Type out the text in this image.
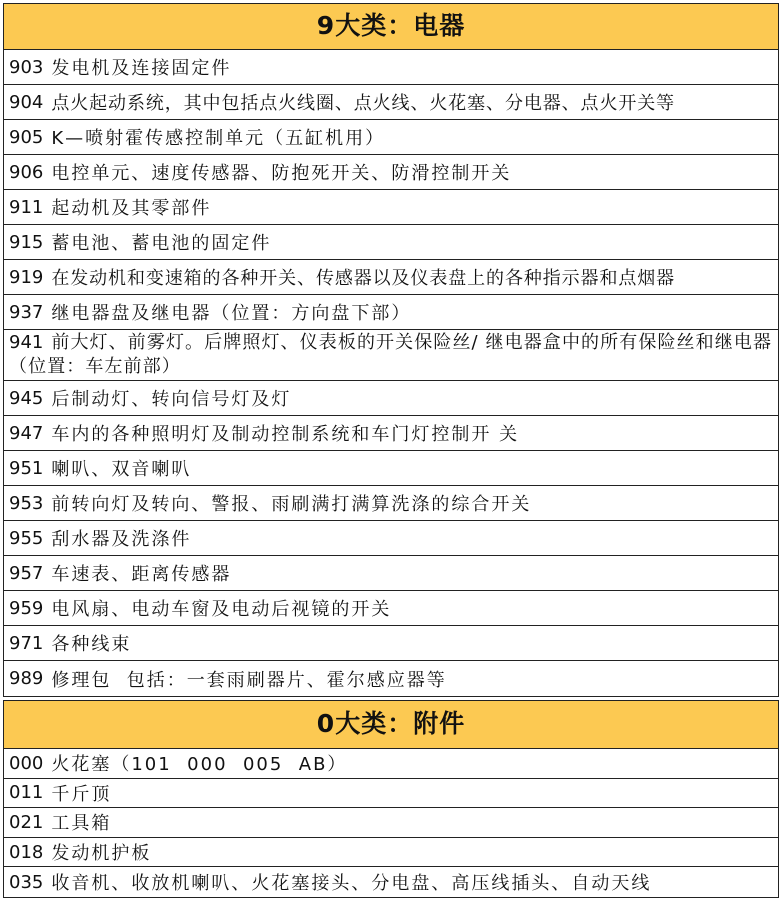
9大类：电器
903 发电机及连接固定件
904 点火起动系统，其中包括点火线圈、点火线、火花塞、分电器、点火开关等
905 K—喷射霍传感控制单元（五缸机用）
906 电控单元、速度传感器、防抱死开关、防滑控制开关
911 起动机及其零部件
915 蓄电池、蓄电池的固定件
919 在发动机和变速箱的各种开关、传感器以及仪表盘上的各种指示器和点烟器
937 继电器盘及继电器（位置：方向盘下部）
941 前大灯、前雾灯。后牌照灯、仪表板的开关保险丝/ 继电器盒中的所有保险丝和继电器（位置：车左前部）
945 后制动灯、转向信号灯及灯
947 车内的各种照明灯及制动控制系统和车门灯控制开 关
951 喇叭、双音喇叭
953 前转向灯及转向、警报、雨刷满打满算洗涤的综合开关
955 刮水器及洗涤件
957 车速表、距离传感器
959 电风扇、电动车窗及电动后视镜的开关
971 各种线束
989 修理包  包括：一套雨刷器片、霍尔感应器等
0大类：附件
000 火花塞（101  000  005  AB）
011 千斤顶
021 工具箱
018 发动机护板
035 收音机、收放机喇叭、火花塞接头、分电盘、高压线插头、自动天线
